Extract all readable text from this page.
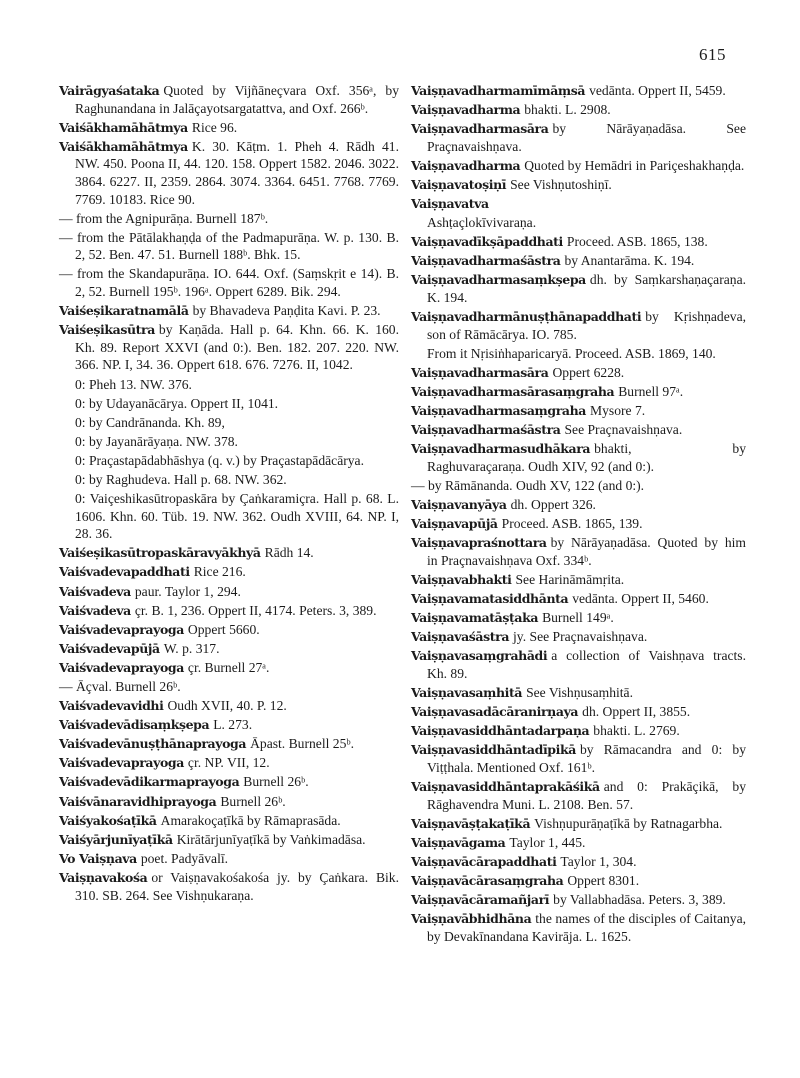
615
Vairāgyaśataka Quoted by Vijñāneçvara Oxf. 356ᵃ, by Raghunandana in Jalāçayotsargatattva, and Oxf. 266ᵇ.
Vaiśākhamāhātmya Rice 96.
Vaiśākhamāhātmya K. 30. Kāṭm. 1. Pheh 4. Rādh 41. NW. 450. Poona II, 44. 120. 158. Oppert 1582. 2046. 3022. 3864. 6227. II, 2359. 2864. 3074. 3364. 6451. 7768. 7769. 7769. 10183. Rice 90.
— from the Agnipurāṇa. Burnell 187ᵇ.
— from the Pātālakhaṇḍa of the Padmapurāṇa. W. p. 130. B. 2, 52. Ben. 47. 51. Burnell 188ᵇ. Bhk. 15.
— from the Skandapurāṇa. IO. 644. Oxf. (Saṃskṛit e 14). B. 2, 52. Burnell 195ᵇ. 196ᵃ. Oppert 6289. Bik. 294.
Vaiśeṣikaratnamālā by Bhavadeva Paṇḍita Kavi. P. 23.
Vaiśeṣikasūtra by Kaṇāda. Hall p. 64. Khn. 66. K. 160. Kh. 89. Report XXVI (and 0:). Ben. 182. 207. 220. NW. 366. NP. I, 34. 36. Oppert 618. 676. 7276. II, 1042.
0: Pheh 13. NW. 376.
0: by Udayanācārya. Oppert II, 1041.
0: by Candrānanda. Kh. 89,
0: by Jayanārāyaṇa. NW. 378.
0: Praçastapādabhāshya (q. v.) by Praçastapādācārya.
0: by Raghudeva. Hall p. 68. NW. 362.
0: Vaiçeshikasūtropaskāra by Çaṅkaramiçra. Hall p. 68. L. 1606. Khn. 60. Tüb. 19. NW. 362. Oudh XVIII, 64. NP. I, 28. 36.
Vaiśeṣikasūtropaskāravyākhyā Rādh 14.
Vaiśvadevapaddhati Rice 216.
Vaiśvadeva paur. Taylor 1, 294.
Vaiśvadeva çr. B. 1, 236. Oppert II, 4174. Peters. 3, 389.
Vaiśvadevaprayoga Oppert 5660.
Vaiśvadevapūjā W. p. 317.
Vaiśvadevaprayoga çr. Burnell 27ᵃ.
— Āçval. Burnell 26ᵇ.
Vaiśvadevavidhi Oudh XVII, 40. P. 12.
Vaiśvadevādisaṃkṣepa L. 273.
Vaiśvadevānuṣṭhānaprayoga Āpast. Burnell 25ᵇ.
Vaiśvadevaprayoga çr. NP. VII, 12.
Vaiśvadevādikarmaprayoga Burnell 26ᵇ.
Vaiśvānaravidhiprayoga Burnell 26ᵇ.
Vaiśyakośaṭīkā Amarakoçaṭīkā by Rāmaprasāda.
Vaiśyārjunīyaṭīkā Kirātārjunīyaṭīkā by Vaṅkimadāsa.
Vo Vaiṣṇava poet. Padyāvalī.
Vaiṣṇavakośa or Vaiṣṇavakośakośa jy. by Çaṅkara. Bik. 310. SB. 264. See Vishṇukaraṇa.
Vaiṣṇavadharmamīmāṃsā vedānta. Oppert II, 5459.
Vaiṣṇavadharma bhakti. L. 2908.
Vaiṣṇavadharmasāra by Nārāyaṇadāsa. See Praçnavaishṇava.
Vaiṣṇavadharma Quoted by Hemādri in Pariçeshakhaṇḍa.
Vaiṣṇavatoṣiṇī See Vishṇutoshiṇī.
Vaiṣṇavatva
Ashṭaçlokīvivaraṇa.
Vaiṣṇavadīkṣāpaddhati Proceed. ASB. 1865, 138.
Vaiṣṇavadharmaśāstra by Anantarāma. K. 194.
Vaiṣṇavadharmasaṃkṣepa dh. by Saṃkarshaṇaçaraṇa. K. 194.
Vaiṣṇavadharmānuṣṭhānapaddhati by Kṛishṇadeva, son of Rāmācārya. IO. 785.
From it Nṛisiṅhaparicaryā. Proceed. ASB. 1869, 140.
Vaiṣṇavadharmasāra Oppert 6228.
Vaiṣṇavadharmasārasaṃgraha Burnell 97ᵃ.
Vaiṣṇavadharmasaṃgraha Mysore 7.
Vaiṣṇavadharmaśāstra See Praçnavaishṇava.
Vaiṣṇavadharmasudhākara bhakti, by Raghuvaraçaraṇa. Oudh XIV, 92 (and 0:).
— by Rāmānanda. Oudh XV, 122 (and 0:).
Vaiṣṇavanyāya dh. Oppert 326.
Vaiṣṇavapūjā Proceed. ASB. 1865, 139.
Vaiṣṇavapraśnottara by Nārāyaṇadāsa. Quoted by him in Praçnavaishṇava Oxf. 334ᵇ.
Vaiṣṇavabhakti See Harināmāmṛita.
Vaiṣṇavamatasiddhānta vedānta. Oppert II, 5460.
Vaiṣṇavamatāṣṭaka Burnell 149ᵃ.
Vaiṣṇavaśāstra jy. See Praçnavaishṇava.
Vaiṣṇavasaṃgrahādi a collection of Vaishṇava tracts. Kh. 89.
Vaiṣṇavasaṃhitā See Vishṇusaṃhitā.
Vaiṣṇavasadācāranirṇaya dh. Oppert II, 3855.
Vaiṣṇavasiddhāntadarpaṇa bhakti. L. 2769.
Vaiṣṇavasiddhāntadīpikā by Rāmacandra and 0: by Viṭṭhala. Mentioned Oxf. 161ᵇ.
Vaiṣṇavasiddhāntaprakāśikā and 0: Prakāçikā, by Rāghavendra Muni. L. 2108. Ben. 57.
Vaiṣṇavāṣṭakaṭīkā Vishṇupurāṇaṭīkā by Ratnagarbha.
Vaiṣṇavāgama Taylor 1, 445.
Vaiṣṇavācārapaddhati Taylor 1, 304.
Vaiṣṇavācārasaṃgraha Oppert 8301.
Vaiṣṇavācāramañjarī by Vallabhadāsa. Peters. 3, 389.
Vaiṣṇavābhidhāna the names of the disciples of Caitanya, by Devakīnandana Kavirāja. L. 1625.
